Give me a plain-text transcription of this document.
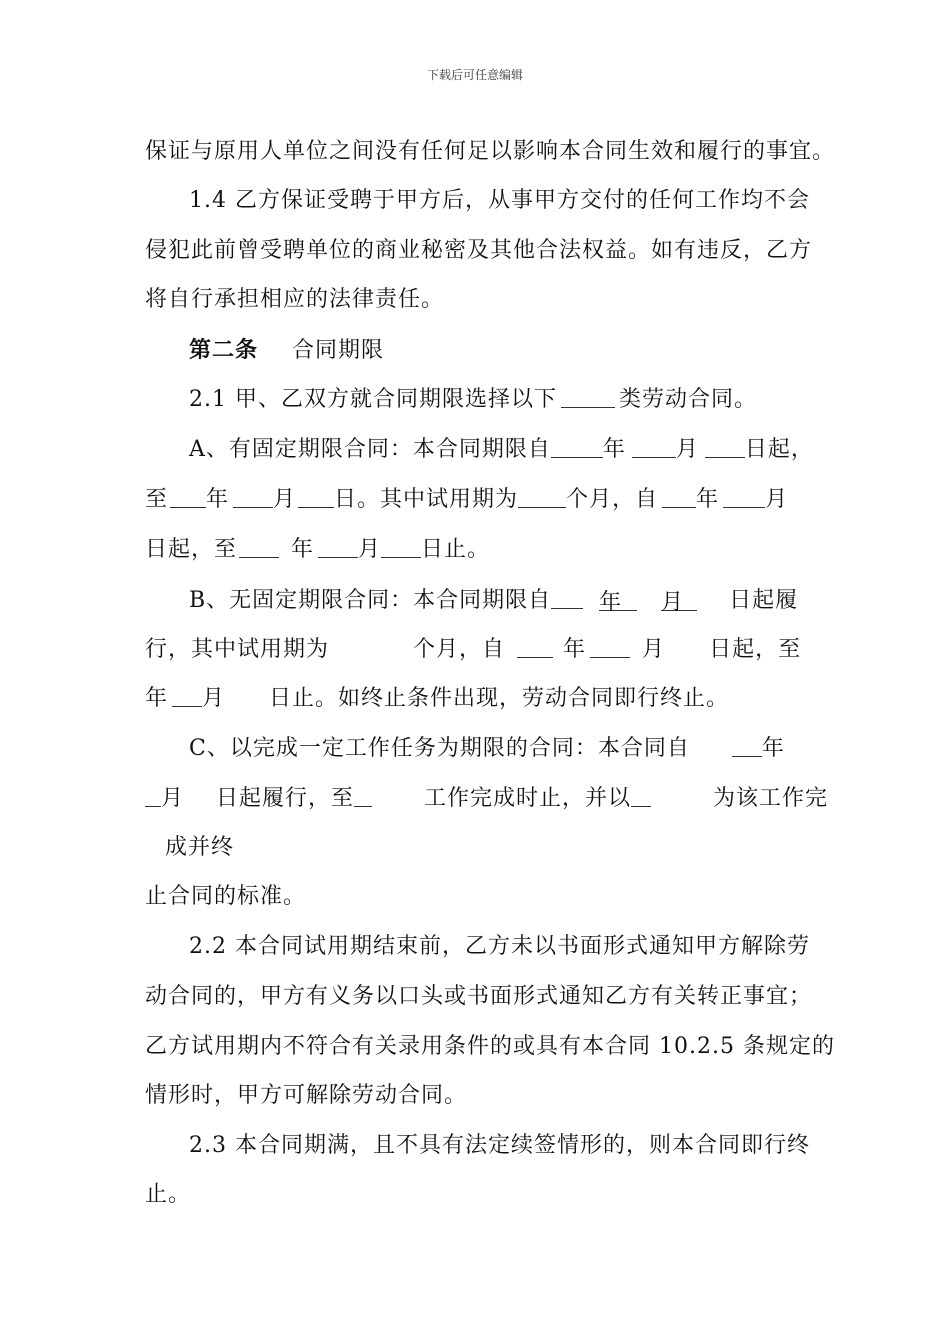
下载后可任意编辑
保证与原用人单位之间没有任何足以影响本合同生效和履行的事宜。
1.4 乙方保证受聘于甲方后，从事甲方交付的任何工作均不会
侵犯此前曾受聘单位的商业秘密及其他合法权益。如有违反，乙方
将自行承担相应的法律责任。
第二条 合同期限
2.1 甲、乙双方就合同期限选择以下	类劳动合同。
A、有固定期限合同：本合同期限自 年 月 日起，
至 年 月 日。其中试用期为 个月，自 年 月
日起，至 年 月 日止。
B、无固定期限合同：本合同期限自 年 月 日起履
行，其中试用期为	个月，自	年	月 日起，至
年 月 日止。如终止条件出现，劳动合同即行终止。
C、以完成一定工作任务为期限的合同：本合同自	年
月 日起履行，至	工作完成时止，并以	为该工作完
成并终
止合同的标准。
2.2 本合同试用期结束前，乙方未以书面形式通知甲方解除劳
动合同的，甲方有义务以口头或书面形式通知乙方有关转正事宜；
乙方试用期内不符合有关录用条件的或具有本合同 10.2.5 条规定的
情形时，甲方可解除劳动合同。
2.3 本合同期满，且不具有法定续签情形的，则本合同即行终
止。
